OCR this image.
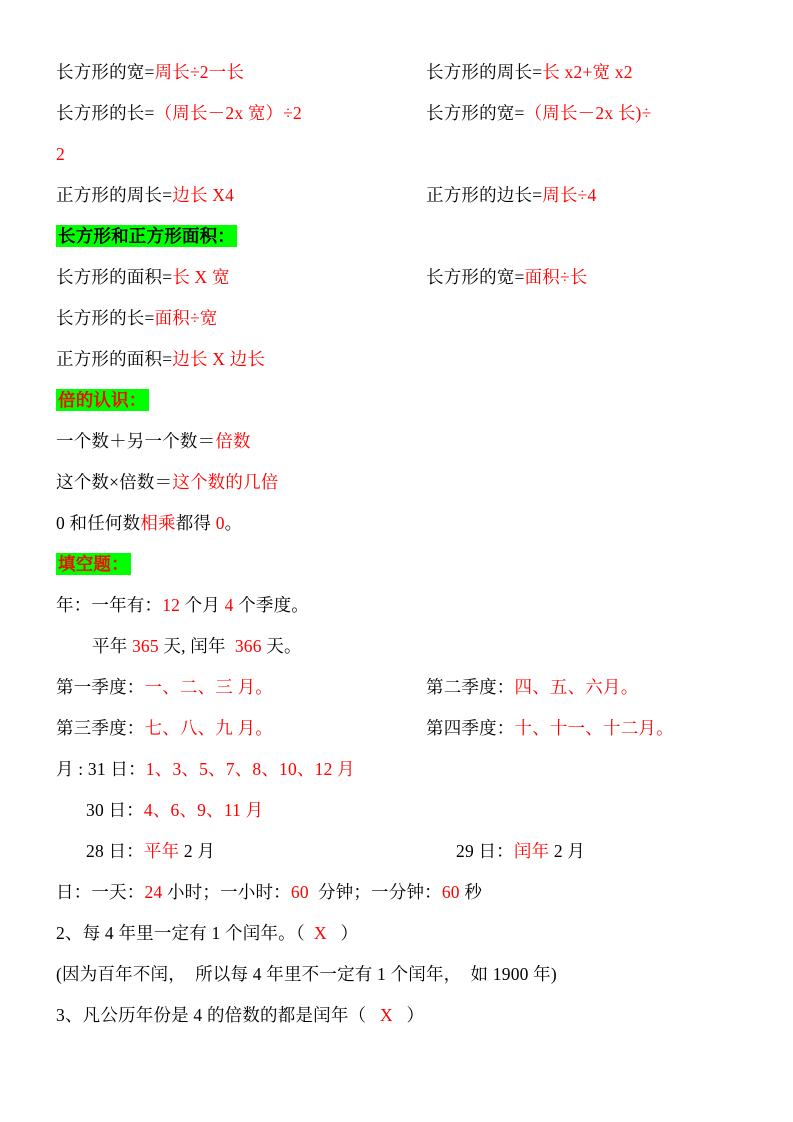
长方形的宽=周长÷2一长	长方形的周长=长 x2+宽 x2
长方形的长=（周长－2x 宽）÷2	长方形的宽=（周长－2x 长)÷
2
正方形的周长=边长 X4	正方形的边长=周长÷4
长方形和正方形面积：
长方形的面积=长 X 宽	长方形的宽=面积÷长
长方形的长=面积÷宽
正方形的面积=边长 X 边长
倍的认识：
一个数＋另一个数＝倍数
这个数×倍数＝这个数的几倍
0 和任何数相乘都得 0。
填空题：
年：一年有：12 个月 4 个季度。
平年 365 天, 闰年  366 天。
第一季度：一、二、三 月。	第二季度：四、五、六月。
第三季度：七、八、九 月。	第四季度：十、十一、十二月。
月 : 31 日：1、3、5、7、8、10、12 月
30 日：4、6、9、11 月
28 日：平年 2 月	29 日：闰年 2 月
日：一天：24 小时；一小时：60  分钟；一分钟：60 秒
2、每 4 年里一定有 1 个闰年。（  X   ）
(因为百年不闰，  所以每 4 年里不一定有 1 个闰年，  如 1900 年)
3、凡公历年份是 4 的倍数的都是闰年（   X   ）
